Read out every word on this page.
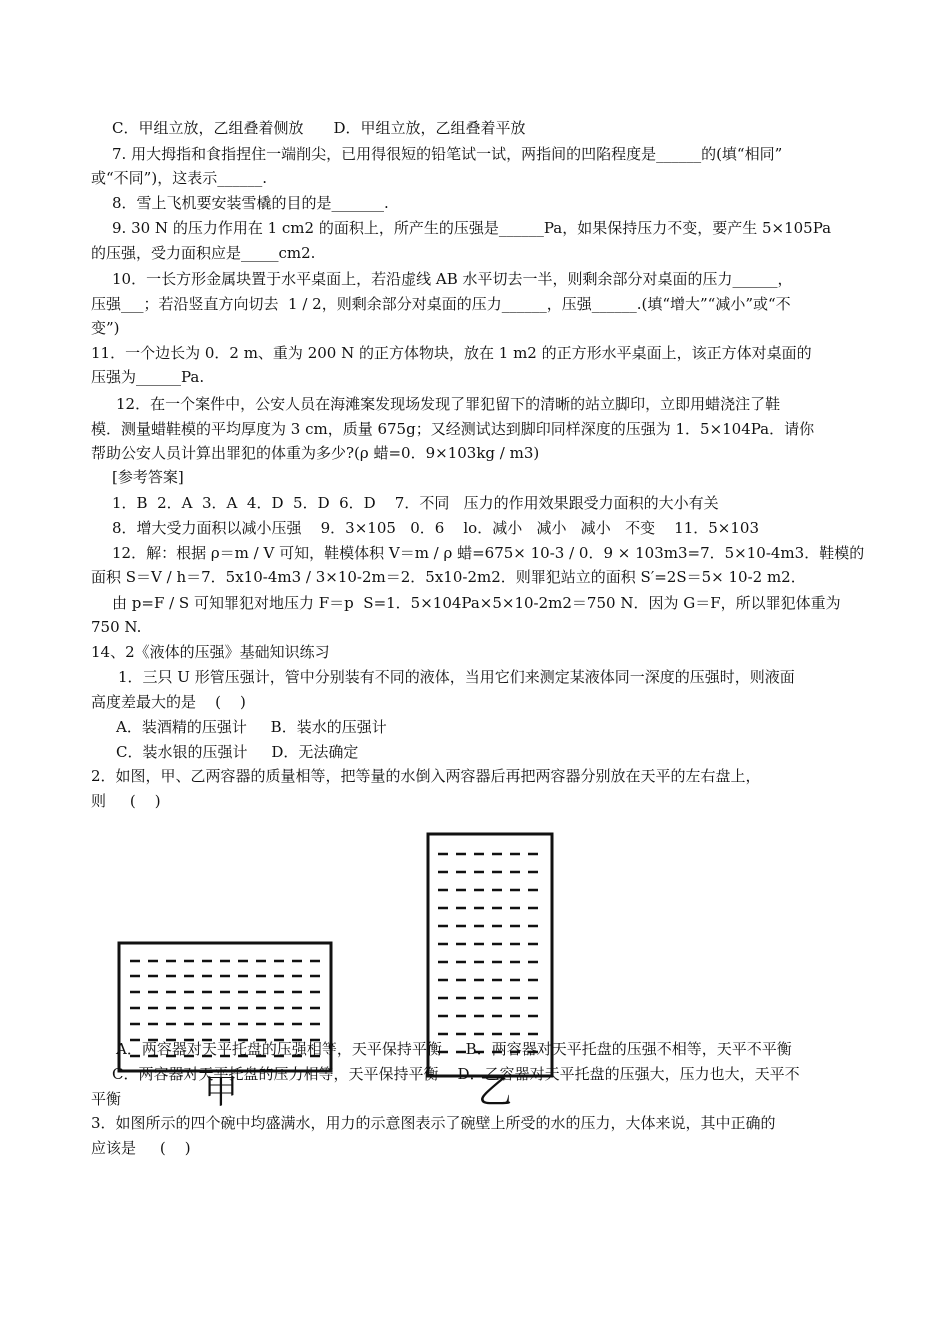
C．甲组立放，乙组叠着侧放　　D．甲组立放，乙组叠着平放
7. 用大拇指和食指捏住一端削尖，已用得很短的铅笔试一试，两指间的凹陷程度是______的(填“相同”
或“不同”)，这表示______.
8．雪上飞机要安装雪橇的目的是_______.
9. 30 N 的压力作用在 1 cm2 的面积上，所产生的压强是______Pa，如果保持压力不变，要产生 5×105Pa
的压强，受力面积应是_____cm2.
10．一长方形金属块置于水平桌面上，若沿虚线 AB 水平切去一半，则剩余部分对桌面的压力______，
压强___；若沿竖直方向切去  1 / 2，则剩余部分对桌面的压力______，压强______.(填“增大”“减小”或“不
变”)
11．一个边长为 0．2 m、重为 200 N 的正方体物块，放在 1 m2 的正方形水平桌面上，该正方体对桌面的
压强为______Pa.
12．在一个案件中，公安人员在海滩案发现场发现了罪犯留下的清晰的站立脚印，立即用蜡浇注了鞋
模．测量蜡鞋模的平均厚度为 3 cm，质量 675g；又经测试达到脚印同样深度的压强为 1．5×104Pa．请你
帮助公安人员计算出罪犯的体重为多少?(ρ 蜡=0．9×103kg / m3)
[参考答案]
1．B  2．A  3．A  4．D  5．D  6．D    7．不同   压力的作用效果跟受力面积的大小有关
8．增大受力面积以减小压强    9．3×105   0．6    lo．减小   减小   减小   不变    11．5×103
12．解：根据 ρ＝m / V 可知，鞋模体积 V＝m / ρ 蜡=675× 10-3 / 0．9 × 103m3=7．5×10-4m3．鞋模的
面积 S＝V / h＝7．5x10-4m3 / 3×10-2m＝2．5x10-2m2．则罪犯站立的面积 S′=2S＝5× 10-2 m2．
由 p=F / S 可知罪犯对地压力 F＝p  S=1．5×104Pa×5×10-2m2＝750 N．因为 G＝F，所以罪犯体重为
750 N.
14、2《液体的压强》基础知识练习
1．三只 U 形管压强计，管中分别装有不同的液体，当用它们来测定某液体同一深度的压强时，则液面
高度差最大的是    (    )
A．装酒精的压强计     B．装水的压强计
C．装水银的压强计     D．无法确定
2．如图，甲、乙两容器的质量相等，把等量的水倒入两容器后再把两容器分别放在天平的左右盘上，
则     (    )
甲	乙
A．两容器对天平托盘的压强相等，天平保持平衡     B．两容器对天平托盘的压强不相等，天平不平衡
C．两容器对天平托盘的压力相等，天平保持平衡    D．乙容器对天平托盘的压强大，压力也大，天平不
平衡
3．如图所示的四个碗中均盛满水，用力的示意图表示了碗壁上所受的水的压力，大体来说，其中正确的
应该是     (    )
